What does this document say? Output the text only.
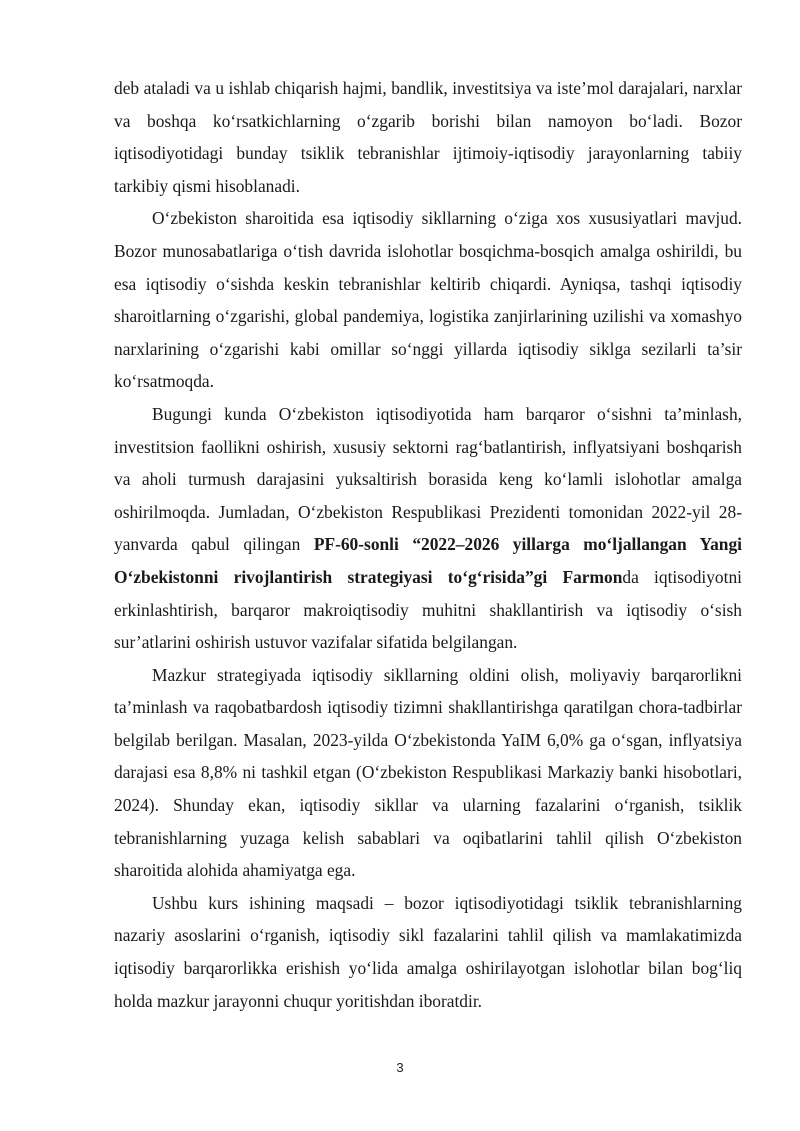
deb ataladi va u ishlab chiqarish hajmi, bandlik, investitsiya va iste’mol darajalari, narxlar va boshqa ko‘rsatkichlarning o‘zgarib borishi bilan namoyon bo‘ladi. Bozor iqtisodiyotidagi bunday tsiklik tebranishlar ijtimoiy-iqtisodiy jarayonlarning tabiiy tarkibiy qismi hisoblanadi.

O‘zbekiston sharoitida esa iqtisodiy sikllarning o‘ziga xos xususiyatlari mavjud. Bozor munosabatlariga o‘tish davrida islohotlar bosqichma-bosqich amalga oshirildi, bu esa iqtisodiy o‘sishda keskin tebranishlar keltirib chiqardi. Ayniqsa, tashqi iqtisodiy sharoitlarning o‘zgarishi, global pandemiya, logistika zanjirlarining uzilishi va xomashyo narxlarining o‘zgarishi kabi omillar so‘nggi yillarda iqtisodiy siklga sezilarli ta’sir ko‘rsatmoqda.

Bugungi kunda O‘zbekiston iqtisodiyotida ham barqaror o‘sishni ta’minlash, investitsion faollikni oshirish, xususiy sektorni rag‘batlantirish, inflyatsiyani boshqarish va aholi turmush darajasini yuksaltirish borasida keng ko‘lamli islohotlar amalga oshirilmoqda. Jumladan, O‘zbekiston Respublikasi Prezidenti tomonidan 2022-yil 28-yanvarda qabul qilingan PF-60-sonli “2022–2026 yillarga mo‘ljallangan Yangi O‘zbekistonni rivojlantirish strategiyasi to‘g‘risida”gi Farmonda iqtisodiyotni erkinlashtirish, barqaror makroiqtisodiy muhitni shakllantirish va iqtisodiy o‘sish sur’atlarini oshirish ustuvor vazifalar sifatida belgilangan.

Mazkur strategiyada iqtisodiy sikllarning oldini olish, moliyaviy barqarorlikni ta’minlash va raqobatbardosh iqtisodiy tizimni shakllantirishga qaratilgan chora-tadbirlar belgilab berilgan. Masalan, 2023-yilda O‘zbekistonda YaIM 6,0% ga o‘sgan, inflyatsiya darajasi esa 8,8% ni tashkil etgan (O‘zbekiston Respublikasi Markaziy banki hisobotlari, 2024). Shunday ekan, iqtisodiy sikllar va ularning fazalarini o‘rganish, tsiklik tebranishlarning yuzaga kelish sabablari va oqibatlarini tahlil qilish O‘zbekiston sharoitida alohida ahamiyatga ega.

Ushbu kurs ishining maqsadi – bozor iqtisodiyotidagi tsiklik tebranishlarning nazariy asoslarini o‘rganish, iqtisodiy sikl fazalarini tahlil qilish va mamlakatimizda iqtisodiy barqarorlikka erishish yo‘lida amalga oshirilayotgan islohotlar bilan bog‘liq holda mazkur jarayonni chuqur yoritishdan iboratdir.

3
